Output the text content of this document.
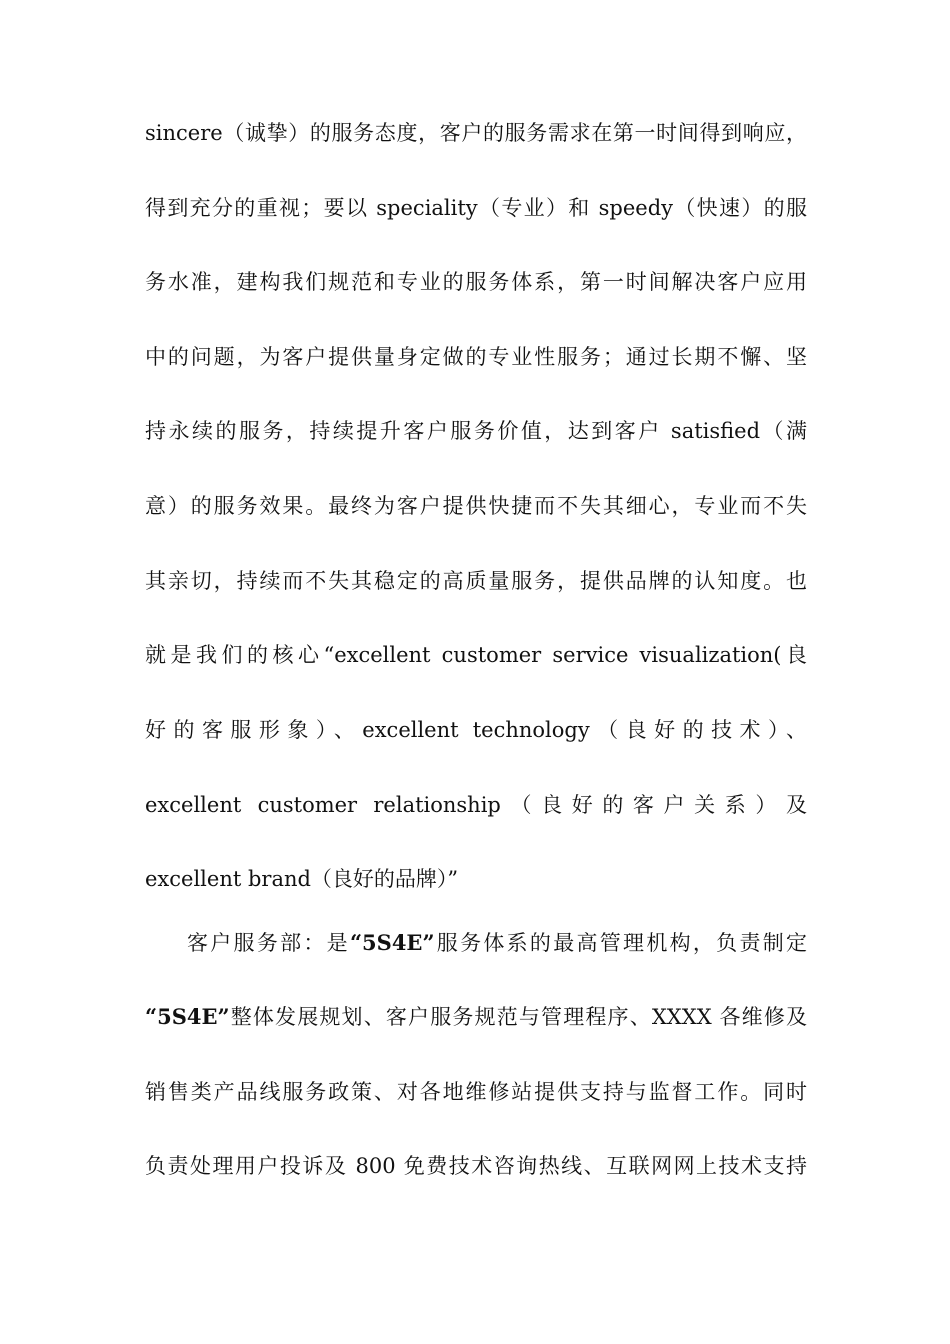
sincere（诚挚）的服务态度，客户的服务需求在第一时间得到响应，
得到充分的重视；要以 speciality（专业）和 speedy（快速）的服
务水准，建构我们规范和专业的服务体系，第一时间解决客户应用
中的问题，为客户提供量身定做的专业性服务；通过长期不懈、坚
持永续的服务，持续提升客户服务价值，达到客户 satisfied（满
意）的服务效果。最终为客户提供快捷而不失其细心，专业而不失
其亲切，持续而不失其稳定的高质量服务，提供品牌的认知度。也
就是我们的核心“excellent customer service visualization(良
好的客服形象）、excellent technology（良好的技术）、
excellent customer relationship（良好的客户关系）及
excellent brand（良好的品牌）”
客户服务部：是“5S4E”服务体系的最高管理机构，负责制定
“5S4E”整体发展规划、客户服务规范与管理程序、XXXX 各维修及
销售类产品线服务政策、对各地维修站提供支持与监督工作。同时
负责处理用户投诉及 800 免费技术咨询热线、互联网网上技术支持
